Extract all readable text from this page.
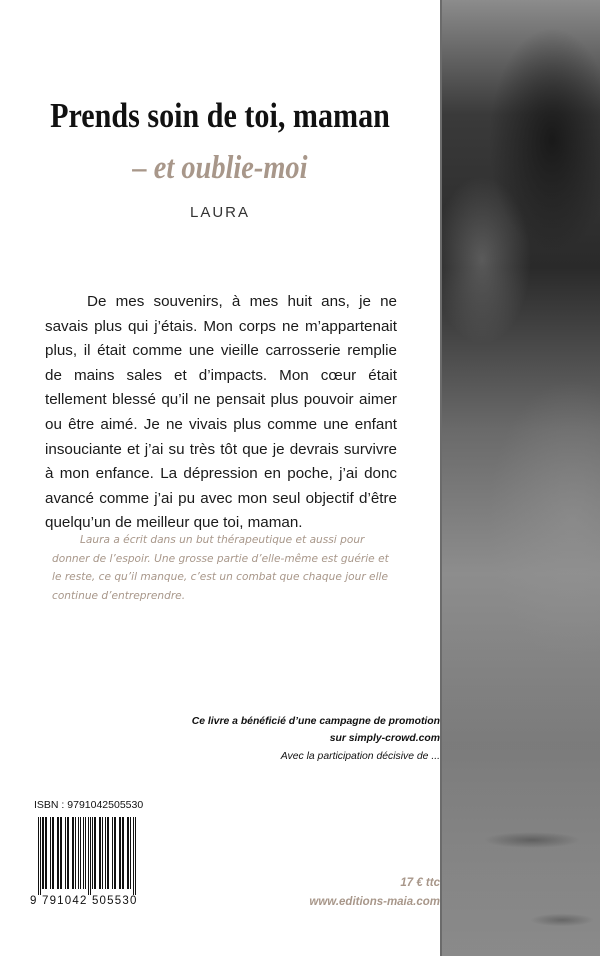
Prends soin de toi, maman
– et oublie-moi
LAURA

De mes souvenirs, à mes huit ans, je ne savais plus qui j’étais. Mon corps ne m’appartenait plus, il était comme une vieille carrosserie remplie de mains sales et d’impacts. Mon cœur était tellement blessé qu’il ne pensait plus pouvoir aimer ou être aimé. Je ne vivais plus comme une enfant insouciante et j’ai su très tôt que je devrais survivre à mon enfance. La dépression en poche, j’ai donc avancé comme j’ai pu avec mon seul objectif d’être quelqu’un de meilleur que toi, maman.

Laura a écrit dans un but thérapeutique et aussi pour donner de l’espoir. Une grosse partie d’elle-même est guérie et le reste, ce qu’il manque, c’est un combat que chaque jour elle continue d’entreprendre.

Ce livre a bénéficié d’une campagne de promotion
sur simply-crowd.com
Avec la participation décisive de ...
ISBN : 9791042505530
9 791042 505530
17 € ttc
www.editions-maia.com
